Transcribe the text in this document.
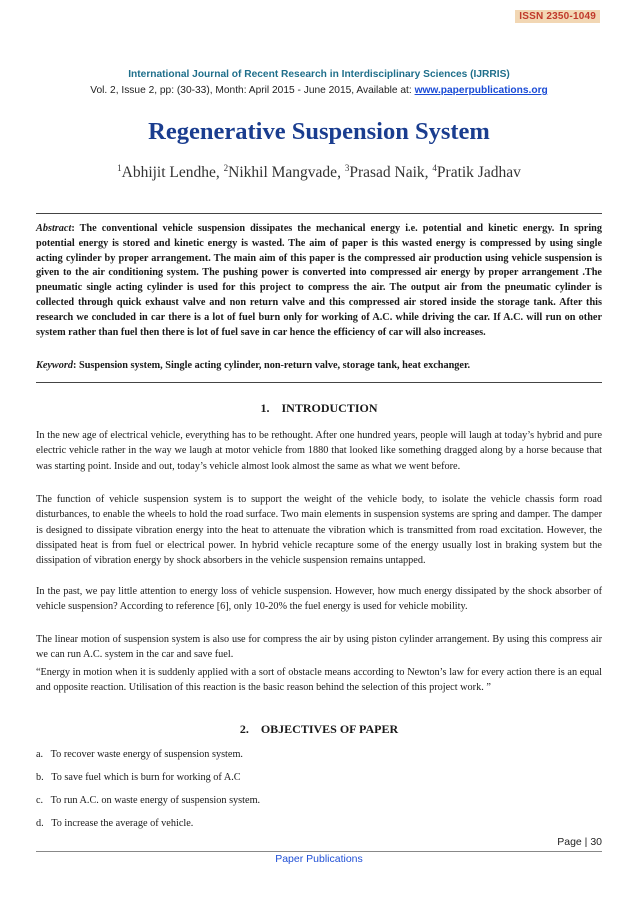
ISSN 2350-1049
International Journal of Recent Research in Interdisciplinary Sciences (IJRRIS)
Vol. 2, Issue 2, pp: (30-33), Month: April 2015 - June 2015, Available at: www.paperpublications.org
Regenerative Suspension System
$^1$Abhijit Lendhe, $^2$Nikhil Mangvade, $^3$Prasad Naik, $^4$Pratik Jadhav
Abstract: The conventional vehicle suspension dissipates the mechanical energy i.e. potential and kinetic energy. In spring potential energy is stored and kinetic energy is wasted. The aim of paper is this wasted energy is compressed by using single acting cylinder by proper arrangement. The main aim of this paper is the compressed air production using vehicle suspension is given to the air conditioning system. The pushing power is converted into compressed air energy by proper arrangement .The pneumatic single acting cylinder is used for this project to compress the air. The output air from the pneumatic cylinder is collected through quick exhaust valve and non return valve and this compressed air stored inside the storage tank. After this research we concluded in car there is a lot of fuel burn only for working of A.C. while driving the car. If A.C. will run on other system rather than fuel then there is lot of fuel save in car hence the efficiency of car will also increases.
Keyword: Suspension system, Single acting cylinder, non-return valve, storage tank, heat exchanger.
1.    INTRODUCTION
In the new age of electrical vehicle, everything has to be rethought. After one hundred years, people will laugh at today’s hybrid and pure electric vehicle rather in the way we laugh at motor vehicle from 1880 that looked like something dragged along by a horse because that was starting point. Inside and out, today’s vehicle almost look almost the same as what we went before.
The function of vehicle suspension system is to support the weight of the vehicle body, to isolate the vehicle chassis form road disturbances, to enable the wheels to hold the road surface. Two main elements in suspension systems are spring and damper. The damper is designed to dissipate vibration energy into the heat to attenuate the vibration which is transmitted from road excitation. However, the dissipated heat is from fuel or electrical power. In hybrid vehicle recapture some of the energy usually lost in braking system but the dissipation of vibration energy by shock absorbers in the vehicle suspension remains untapped.
In the past, we pay little attention to energy loss of vehicle suspension. However, how much energy dissipated by the shock absorber of vehicle suspension? According to reference [6], only 10-20% the fuel energy is used for vehicle mobility.
The linear motion of suspension system is also use for compress the air by using piston cylinder arrangement. By using this compress air we can run A.C. system in the car and save fuel.
“Energy in motion when it is suddenly applied with a sort of obstacle means according to Newton’s law for every action there is an equal and opposite reaction. Utilisation of this reaction is the basic reason behind the selection of this project work. ”
2.    OBJECTIVES OF PAPER
a.   To recover waste energy of suspension system.
b.   To save fuel which is burn for working of A.C
c.   To run A.C. on waste energy of suspension system.
d.   To increase the average of vehicle.
Page | 30
Paper Publications
